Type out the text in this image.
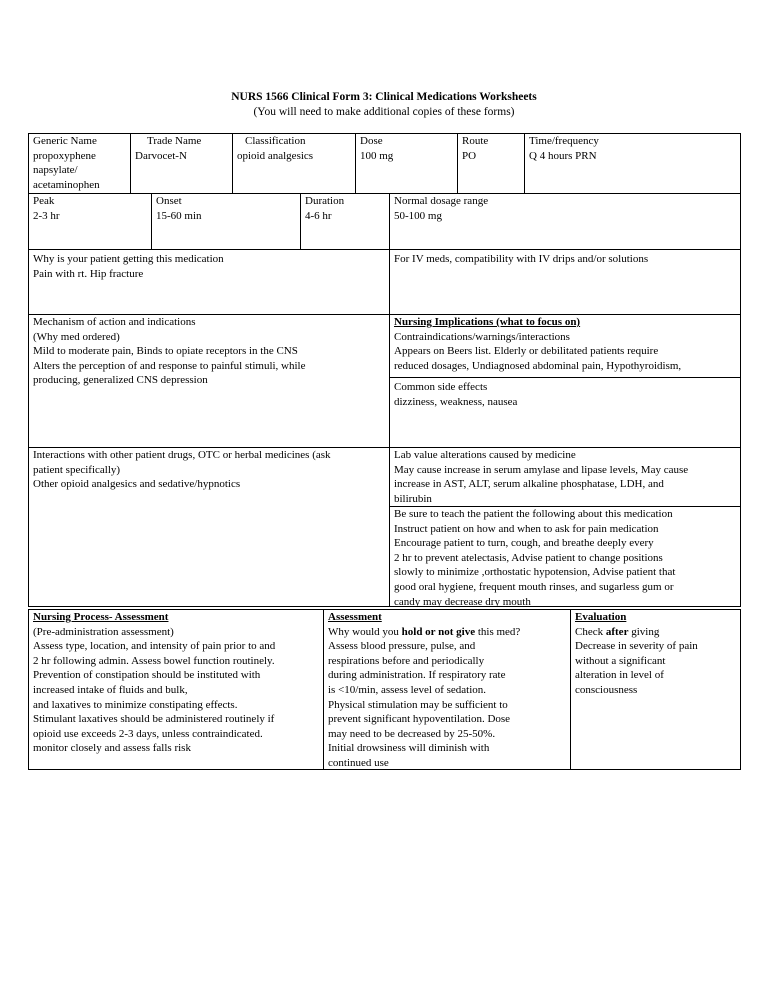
NURS 1566 Clinical Form 3: Clinical Medications Worksheets
(You will need to make additional copies of these forms)
Generic Name
propoxyphene
napsylate/
acetaminophen
Trade Name
Darvocet-N
Classification
opioid analgesics
Dose
100 mg
Route
PO
Time/frequency
Q 4 hours PRN
Peak
2-3 hr
Onset
15-60 min
Duration
4-6 hr
Normal dosage range
50-100 mg
Why is your patient getting this medication
Pain with rt. Hip fracture
For IV meds, compatibility with IV drips and/or solutions
Mechanism of action and indications
(Why med ordered)
Mild to moderate pain, Binds to opiate receptors in the CNS
Alters the perception of and response to painful stimuli, while
producing, generalized CNS depression
Nursing Implications (what to focus on)
Contraindications/warnings/interactions
Appears on Beers list. Elderly or debilitated patients require
reduced dosages, Undiagnosed abdominal pain, Hypothyroidism,
Common side effects
dizziness, weakness, nausea
Interactions with other patient drugs, OTC or herbal medicines (ask
patient specifically)
Other opioid analgesics and sedative/hypnotics
Lab value alterations caused by medicine
May cause increase in serum amylase and lipase levels, May cause
increase in AST, ALT, serum alkaline phosphatase, LDH, and
bilirubin
Be sure to teach the patient the following about this medication
Instruct patient on how and when to ask for pain medication
Encourage patient to turn, cough, and breathe deeply every
2 hr to prevent atelectasis, Advise patient to change positions
slowly to minimize ,orthostatic hypotension, Advise patient that
good oral hygiene, frequent mouth rinses, and sugarless gum or
candy may decrease dry mouth
Nursing Process- Assessment
(Pre-administration assessment)
Assess type, location, and intensity of pain prior to and
2 hr following admin. Assess bowel function routinely.
Prevention of constipation should be instituted with
increased intake of fluids and bulk,
and laxatives to minimize constipating effects.
Stimulant laxatives should be administered routinely if
opioid use exceeds 2-3 days, unless contraindicated.
monitor closely and assess falls risk
Assessment
Why would you hold or not give this med?
Assess blood pressure, pulse, and
respirations before and periodically
during administration. If respiratory rate
is <10/min, assess level of sedation.
Physical stimulation may be sufficient to
prevent significant hypoventilation. Dose
may need to be decreased by 25-50%.
Initial drowsiness will diminish with
continued use
Evaluation
Check after giving
Decrease in severity of pain
without a significant
alteration in level of
consciousness
